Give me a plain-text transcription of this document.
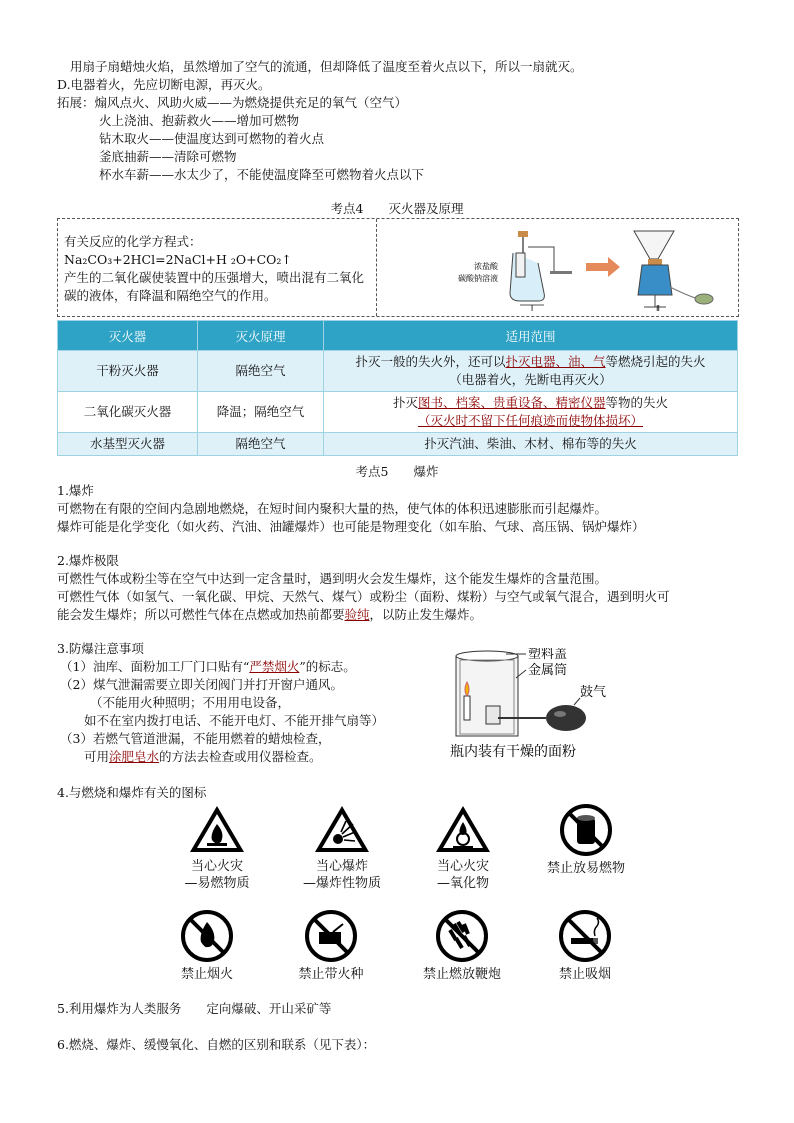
用扇子扇蜡烛火焰，虽然增加了空气的流通，但却降低了温度至着火点以下，所以一扇就灭。
D.电器着火，先应切断电源，再灭火。
拓展：煽风点火、风助火威——为燃烧提供充足的氧气（空气）
火上浇油、抱薪救火——增加可燃物
钻木取火——使温度达到可燃物的着火点
釜底抽薪——清除可燃物
杯水车薪——水太少了，不能使温度降至可燃物着火点以下
考点4　　灭火器及原理
有关反应的化学方程式：
Na₂CO₃+2HCl=2NaCl+H ₂O+CO₂↑
产生的二氧化碳使装置中的压强增大，喷出混有二氧化
碳的液体，有降温和隔绝空气的作用。
浓盐酸
碳酸钠溶液
Ⅰ	Ⅱ
灭火器	灭火原理	适用范围
干粉灭火器	隔绝空气	扑灭一般的失火外，还可以扑灭电器、油、气等燃烧引起的失火
（电器着火，先断电再灭火）
二氧化碳灭火器	降温；隔绝空气	扑灭图书、档案、贵重设备、精密仪器等物的失火
（灭火时不留下任何痕迹而使物体损坏）
水基型灭火器	隔绝空气	扑灭汽油、柴油、木材、棉布等的失火
考点5　　爆炸
1.爆炸
可燃物在有限的空间内急剧地燃烧，在短时间内聚积大量的热，使气体的体积迅速膨胀而引起爆炸。
爆炸可能是化学变化（如火药、汽油、油罐爆炸）也可能是物理变化（如车胎、气球、高压锅、锅炉爆炸）
2.爆炸极限
可燃性气体或粉尘等在空气中达到一定含量时，遇到明火会发生爆炸，这个能发生爆炸的含量范围。
可燃性气体（如氢气、一氧化碳、甲烷、天然气、煤气）或粉尘（面粉、煤粉）与空气或氧气混合，遇到明火可
能会发生爆炸；所以可燃性气体在点燃或加热前都要验纯，以防止发生爆炸。
3.防爆注意事项
（1）油库、面粉加工厂门口贴有“严禁烟火”的标志。
（2）煤气泄漏需要立即关闭阀门并打开窗户通风。
（不能用火种照明；不用用电设备，
如不在室内拨打电话、不能开电灯、不能开排气扇等）
（3）若燃气管道泄漏，不能用燃着的蜡烛检查，
可用涂肥皂水的方法去检查或用仪器检查。
塑料盖
金属筒
鼓气
瓶内装有干燥的面粉
4.与燃烧和爆炸有关的图标
当心火灾
—易燃物质
当心爆炸
—爆炸性物质
当心火灾
—氧化物
禁止放易燃物
禁止烟火	禁止带火种	禁止燃放鞭炮	禁止吸烟
5.利用爆炸为人类服务　　定向爆破、开山采矿等
6.燃烧、爆炸、缓慢氧化、自燃的区别和联系（见下表）：
